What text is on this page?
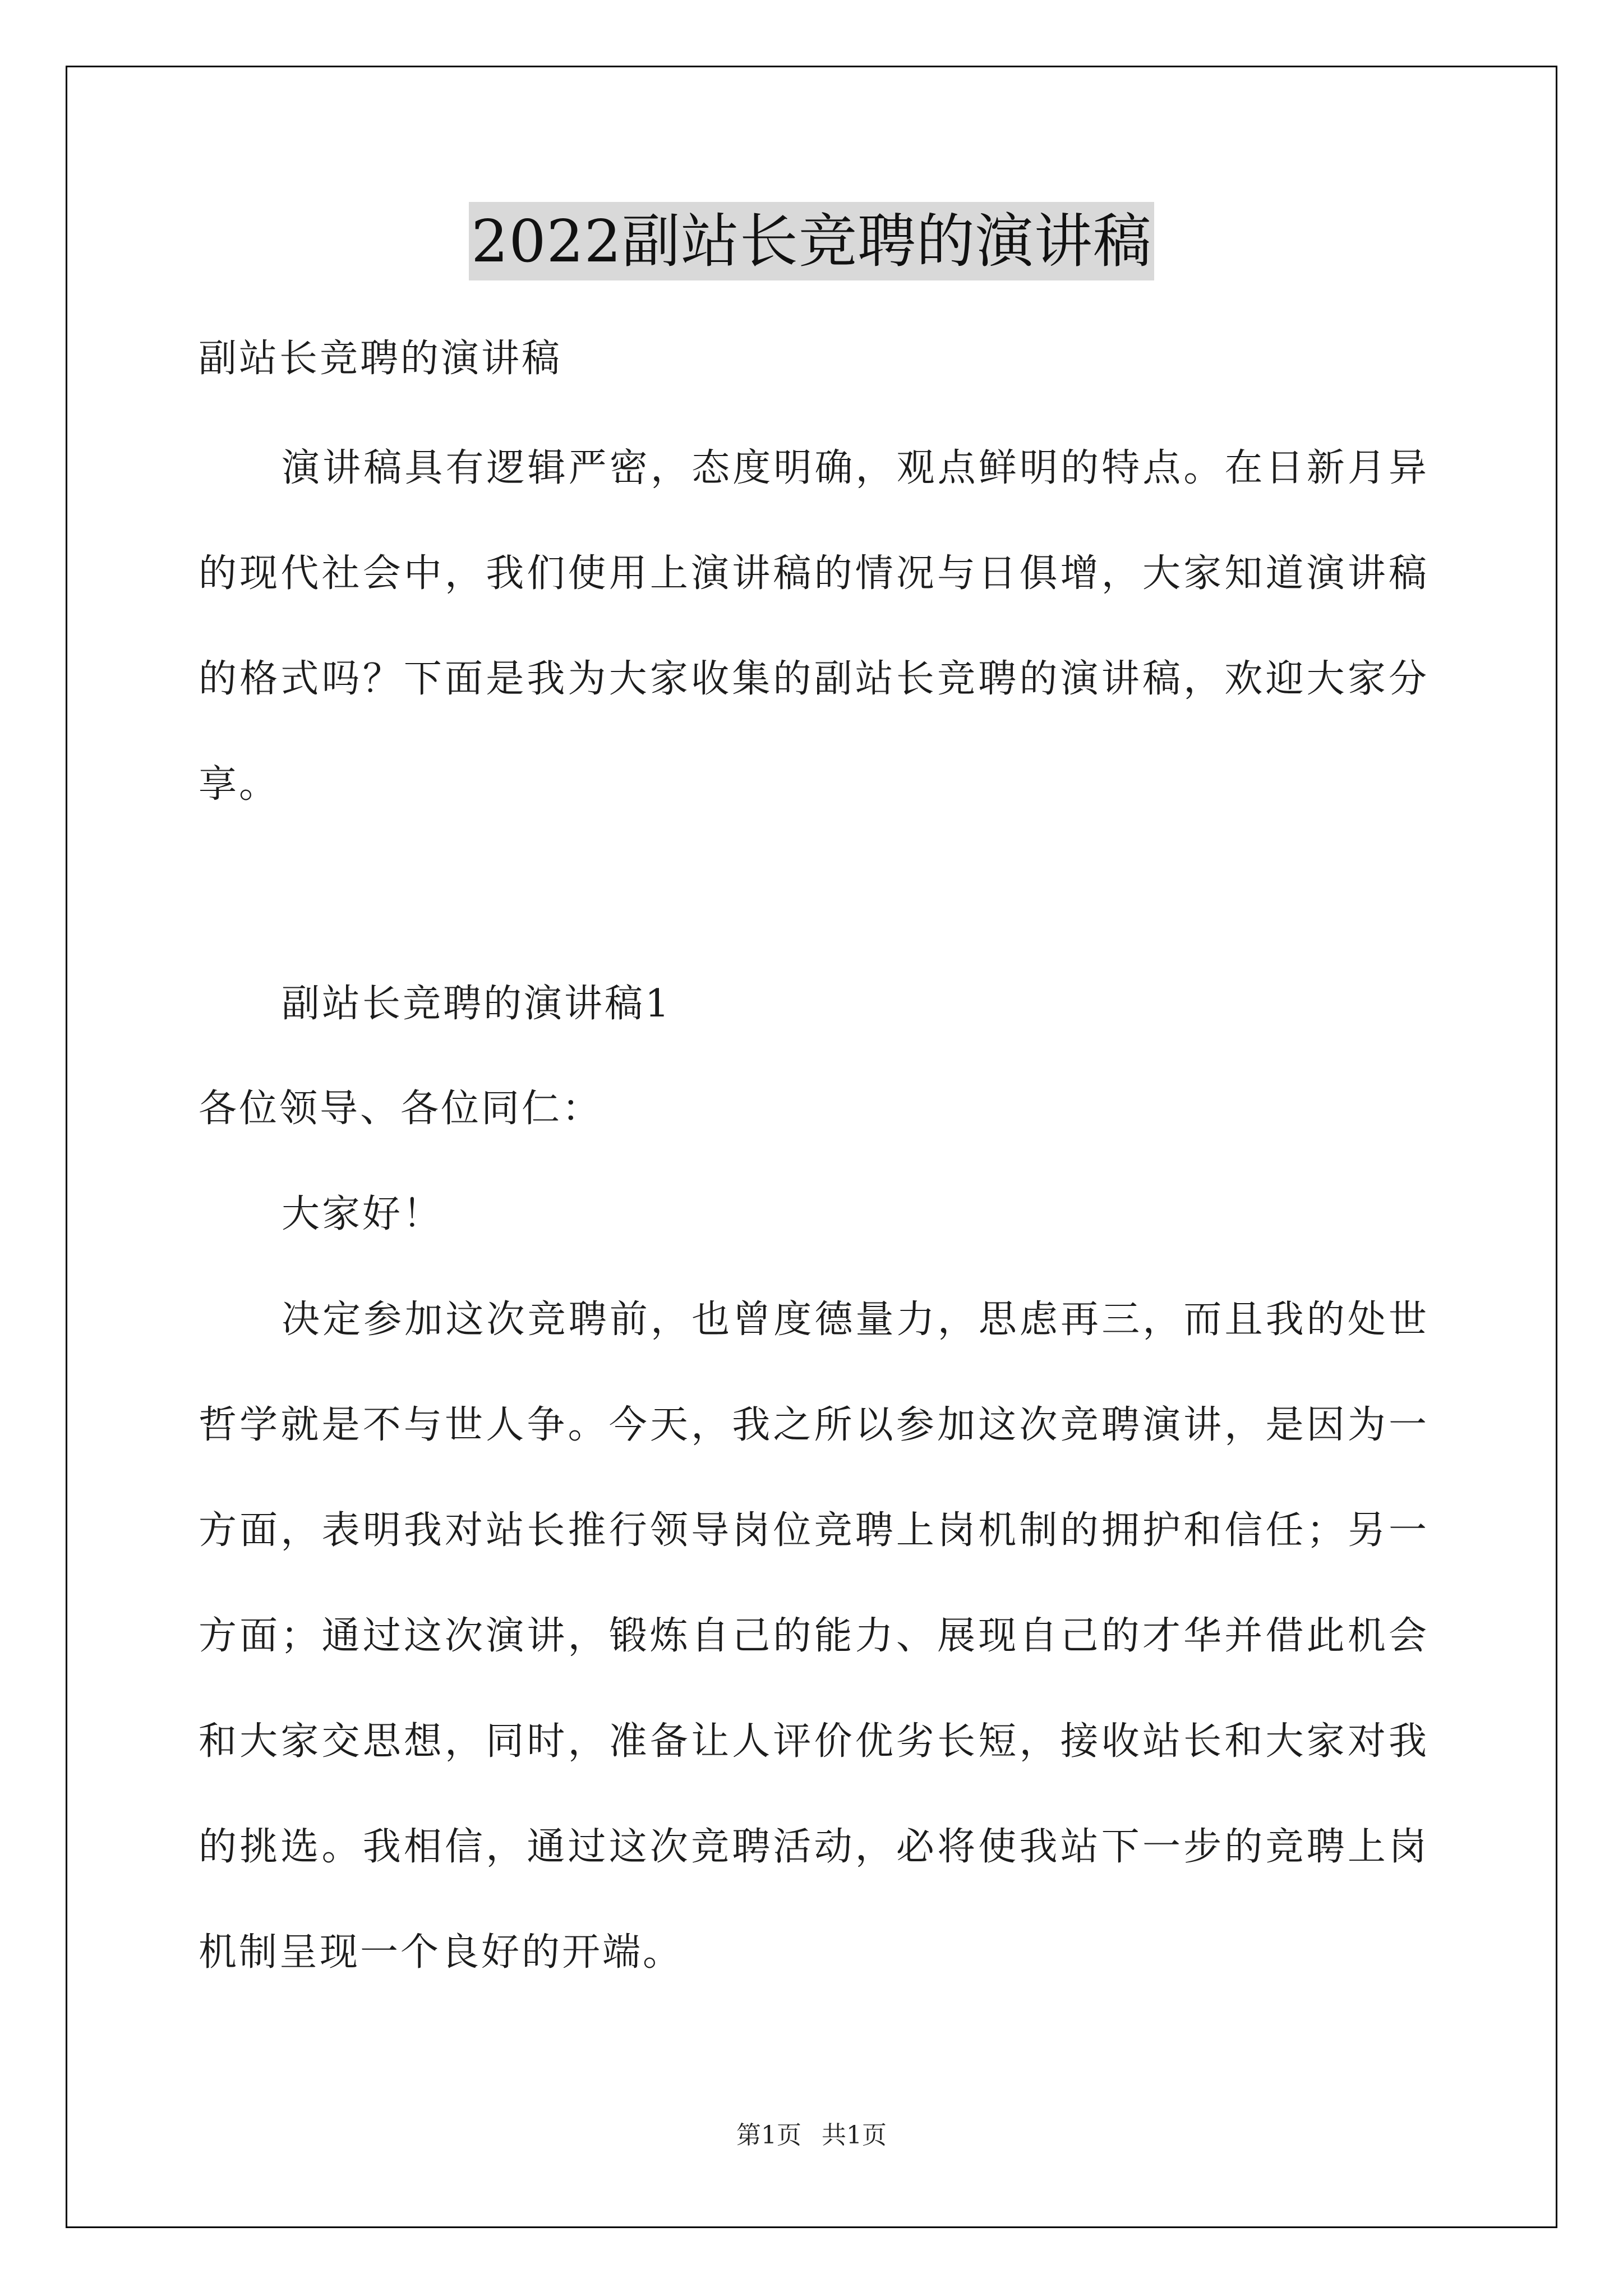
2022副站长竞聘的演讲稿
副站长竞聘的演讲稿
演讲稿具有逻辑严密，态度明确，观点鲜明的特点。在日新月异
的现代社会中，我们使用上演讲稿的情况与日俱增，大家知道演讲稿
的格式吗？下面是我为大家收集的副站长竞聘的演讲稿，欢迎大家分
享。
副站长竞聘的演讲稿1
各位领导、各位同仁：
大家好！
决定参加这次竞聘前，也曾度德量力，思虑再三，而且我的处世
哲学就是不与世人争。今天，我之所以参加这次竞聘演讲，是因为一
方面，表明我对站长推行领导岗位竞聘上岗机制的拥护和信任；另一
方面；通过这次演讲，锻炼自己的能力、展现自己的才华并借此机会
和大家交思想，同时，准备让人评价优劣长短，接收站长和大家对我
的挑选。我相信，通过这次竞聘活动，必将使我站下一步的竞聘上岗
机制呈现一个良好的开端。
第1页 共1页
